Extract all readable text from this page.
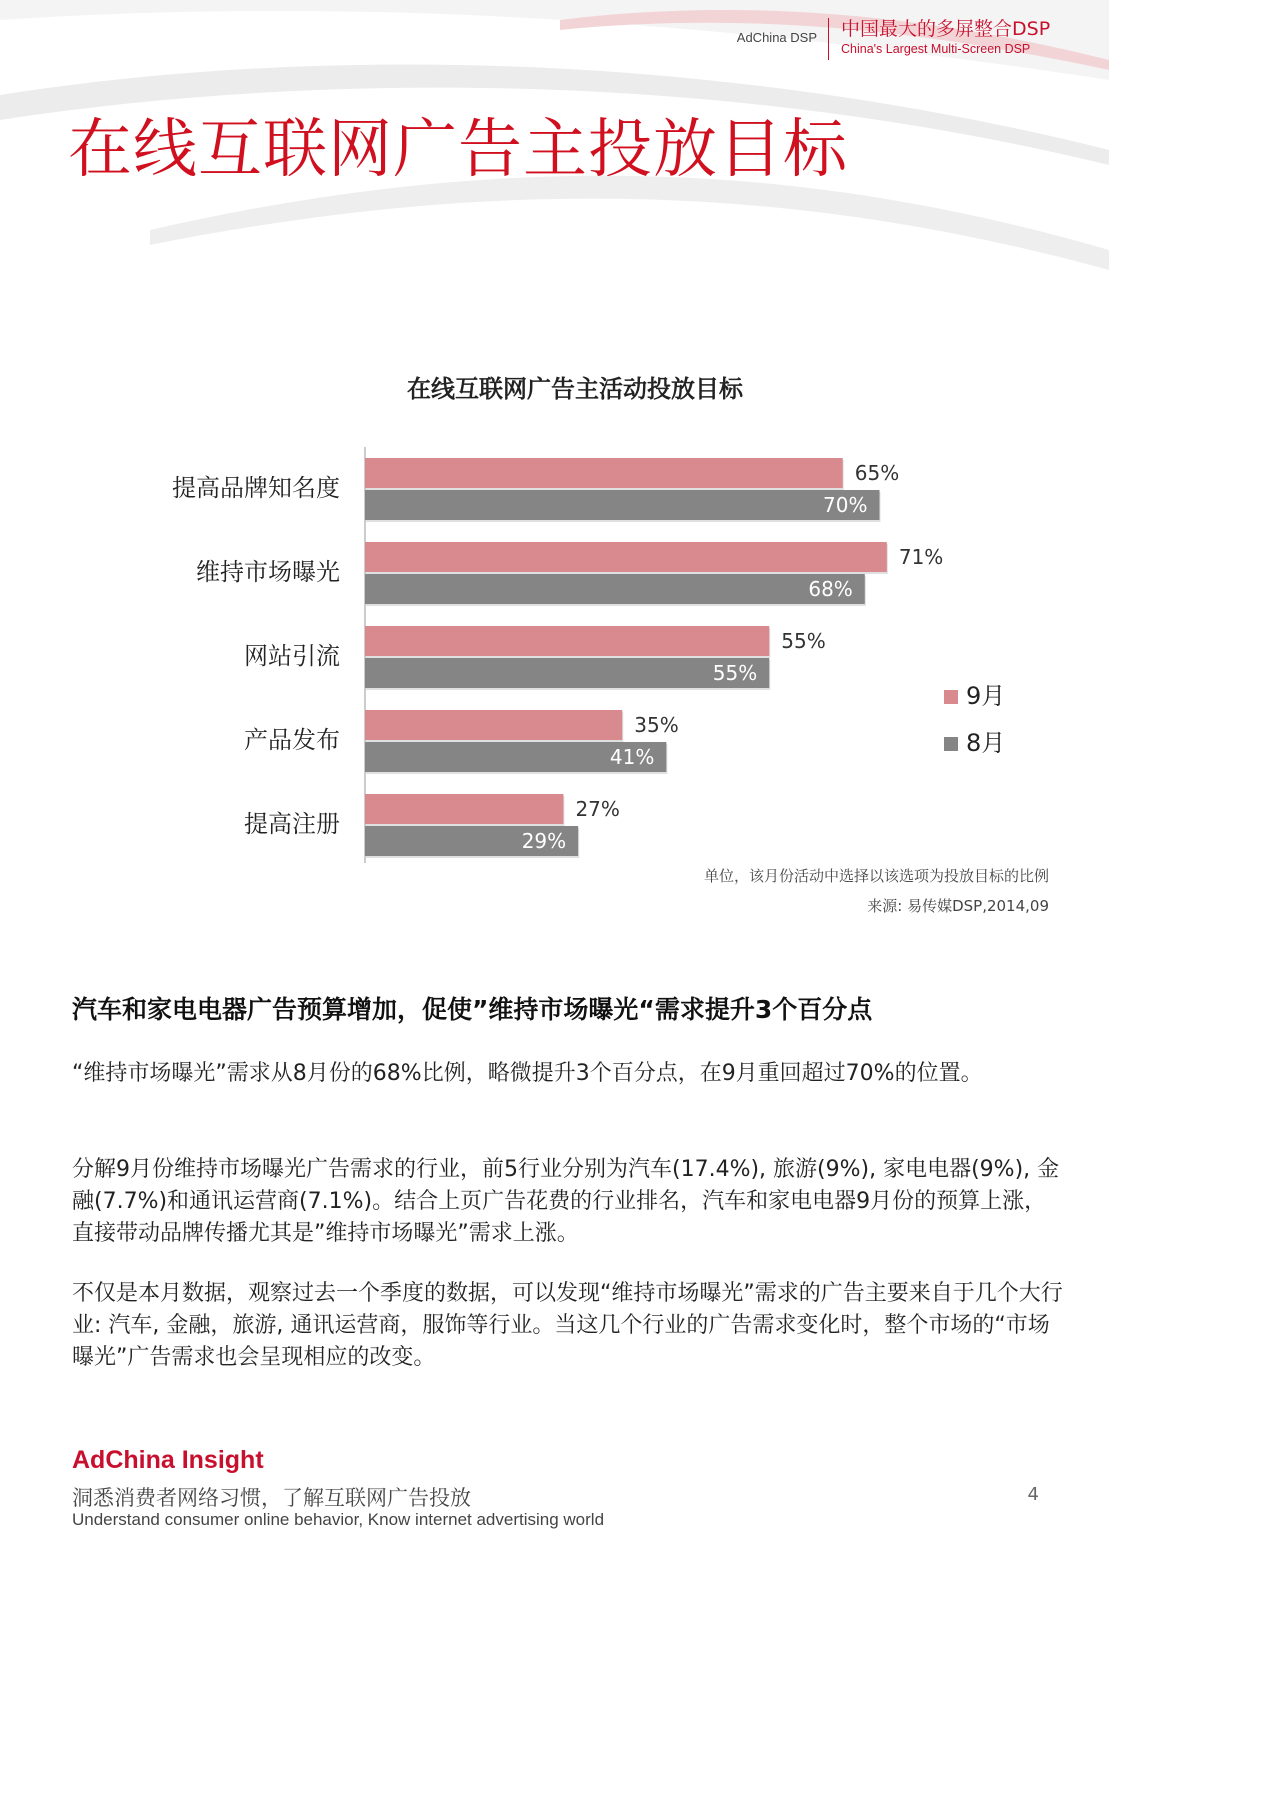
AdChina DSP 中国最大的多屏整合DSP
China's Largest Multi-Screen DSP
在线互联网广告主投放目标
在线互联网广告主活动投放目标
提高品牌知名度
65%
70%
维持市场曝光
71%
68%
网站引流
55%
55%
产品发布
35%
41%
提高注册
27%
29%
9月
8月
单位，该月份活动中选择以该选项为投放目标的比例
来源: 易传媒DSP,2014,09
汽车和家电电器广告预算增加，促使”维持市场曝光“需求提升3个百分点
“维持市场曝光”需求从8月份的68%比例，略微提升3个百分点，在9月重回超过70%的位置。
分解9月份维持市场曝光广告需求的行业，前5行业分别为汽车(17.4%), 旅游(9%), 家电电器(9%), 金融(7.7%)和通讯运营商(7.1%)。结合上页广告花费的行业排名，汽车和家电电器9月份的预算上涨，直接带动品牌传播尤其是”维持市场曝光”需求上涨。
不仅是本月数据，观察过去一个季度的数据，可以发现“维持市场曝光”需求的广告主要来自于几个大行业: 汽车, 金融，旅游, 通讯运营商，服饰等行业。当这几个行业的广告需求变化时，整个市场的“市场曝光”广告需求也会呈现相应的改变。
AdChina Insight
洞悉消费者网络习惯，了解互联网广告投放
Understand consumer online behavior, Know internet advertising world
4
